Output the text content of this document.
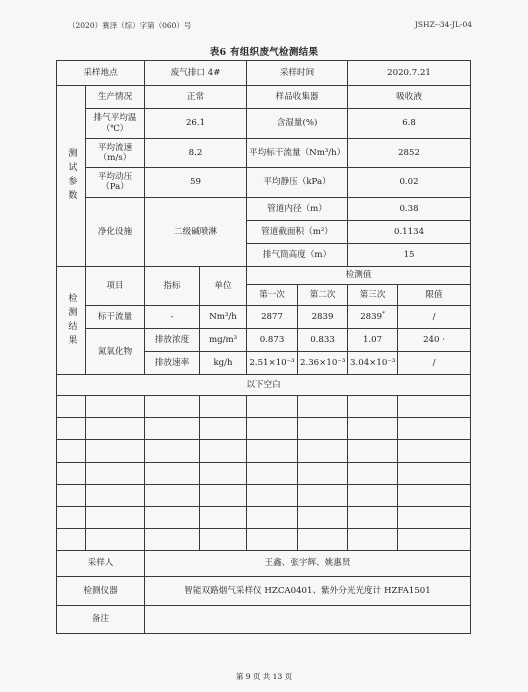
（2020）赛泽（综）字第（060）号	JSHZ--34-JL-04
表6 有组织废气检测结果
采样地点		废气排口 4#		采样时间		2020.7.21	

测试参数	生产情况	正常		样品收集器		吸收液	
	排气平均温（℃）	26.1		含湿量(%)		6.8	
	平均流速（m/s）	8.2		平均标干流量（Nm³/h）		2852	
	平均动压（Pa）	59		平均静压（kPa）		0.02	
	净化设施	二级碱喷淋		管道内径（m）		0.38	

				管道截面积（m²）		0.1134	
				排气筒高度（m）		15	

检测结果	项目	指标	单位	检测值			
				第一次	第二次	第三次	限值
	标干流量	-	Nm³/h	2877	2839	2839*	/
	氮氧化物	排放浓度	mg/m³	0.873	0.833	1.07	240 ·
		排放速率	kg/h	2.51×10⁻³	2.36×10⁻³	3.04×10⁻³	/
以下空白							

采样人		王鑫、张宇辉、姚惠贤					
检测仪器		智能双路烟气采样仪 HZCA0401、紫外分光光度计 HZFA1501					
备注							
第 9 页 共 13 页
